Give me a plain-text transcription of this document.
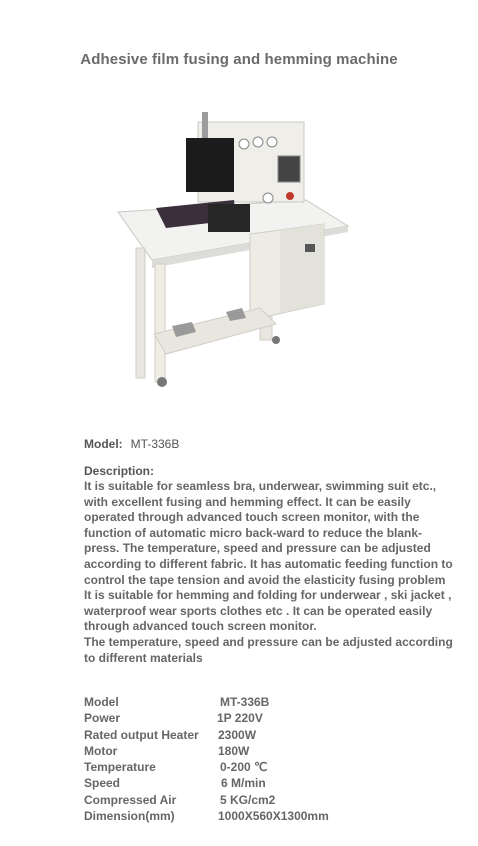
Adhesive film fusing and hemming machine
Model: MT-336B
Description:

It is suitable for seamless bra, underwear, swimming suit etc., with excellent fusing and hemming effect. It can be easily operated through advanced touch screen monitor, with the function of automatic micro back-ward to reduce the blank-press. The temperature, speed and pressure can be adjusted according to different fabric. It has automatic feeding function to control the tape tension and avoid the elasticity fusing problem It is suitable for hemming and folding for underwear , ski jacket , waterproof wear sports clothes etc . It can be operated easily through advanced touch screen monitor.

The temperature, speed and pressure can be adjusted according to different materials

Model	MT-336B
Power	1P 220V
Rated output Heater 2300W
Motor	180W
Temperature	0-200 ℃
Speed	6 M/min
Compressed Air	5 KG/cm2
Dimension(mm)	1000X560X1300mm
